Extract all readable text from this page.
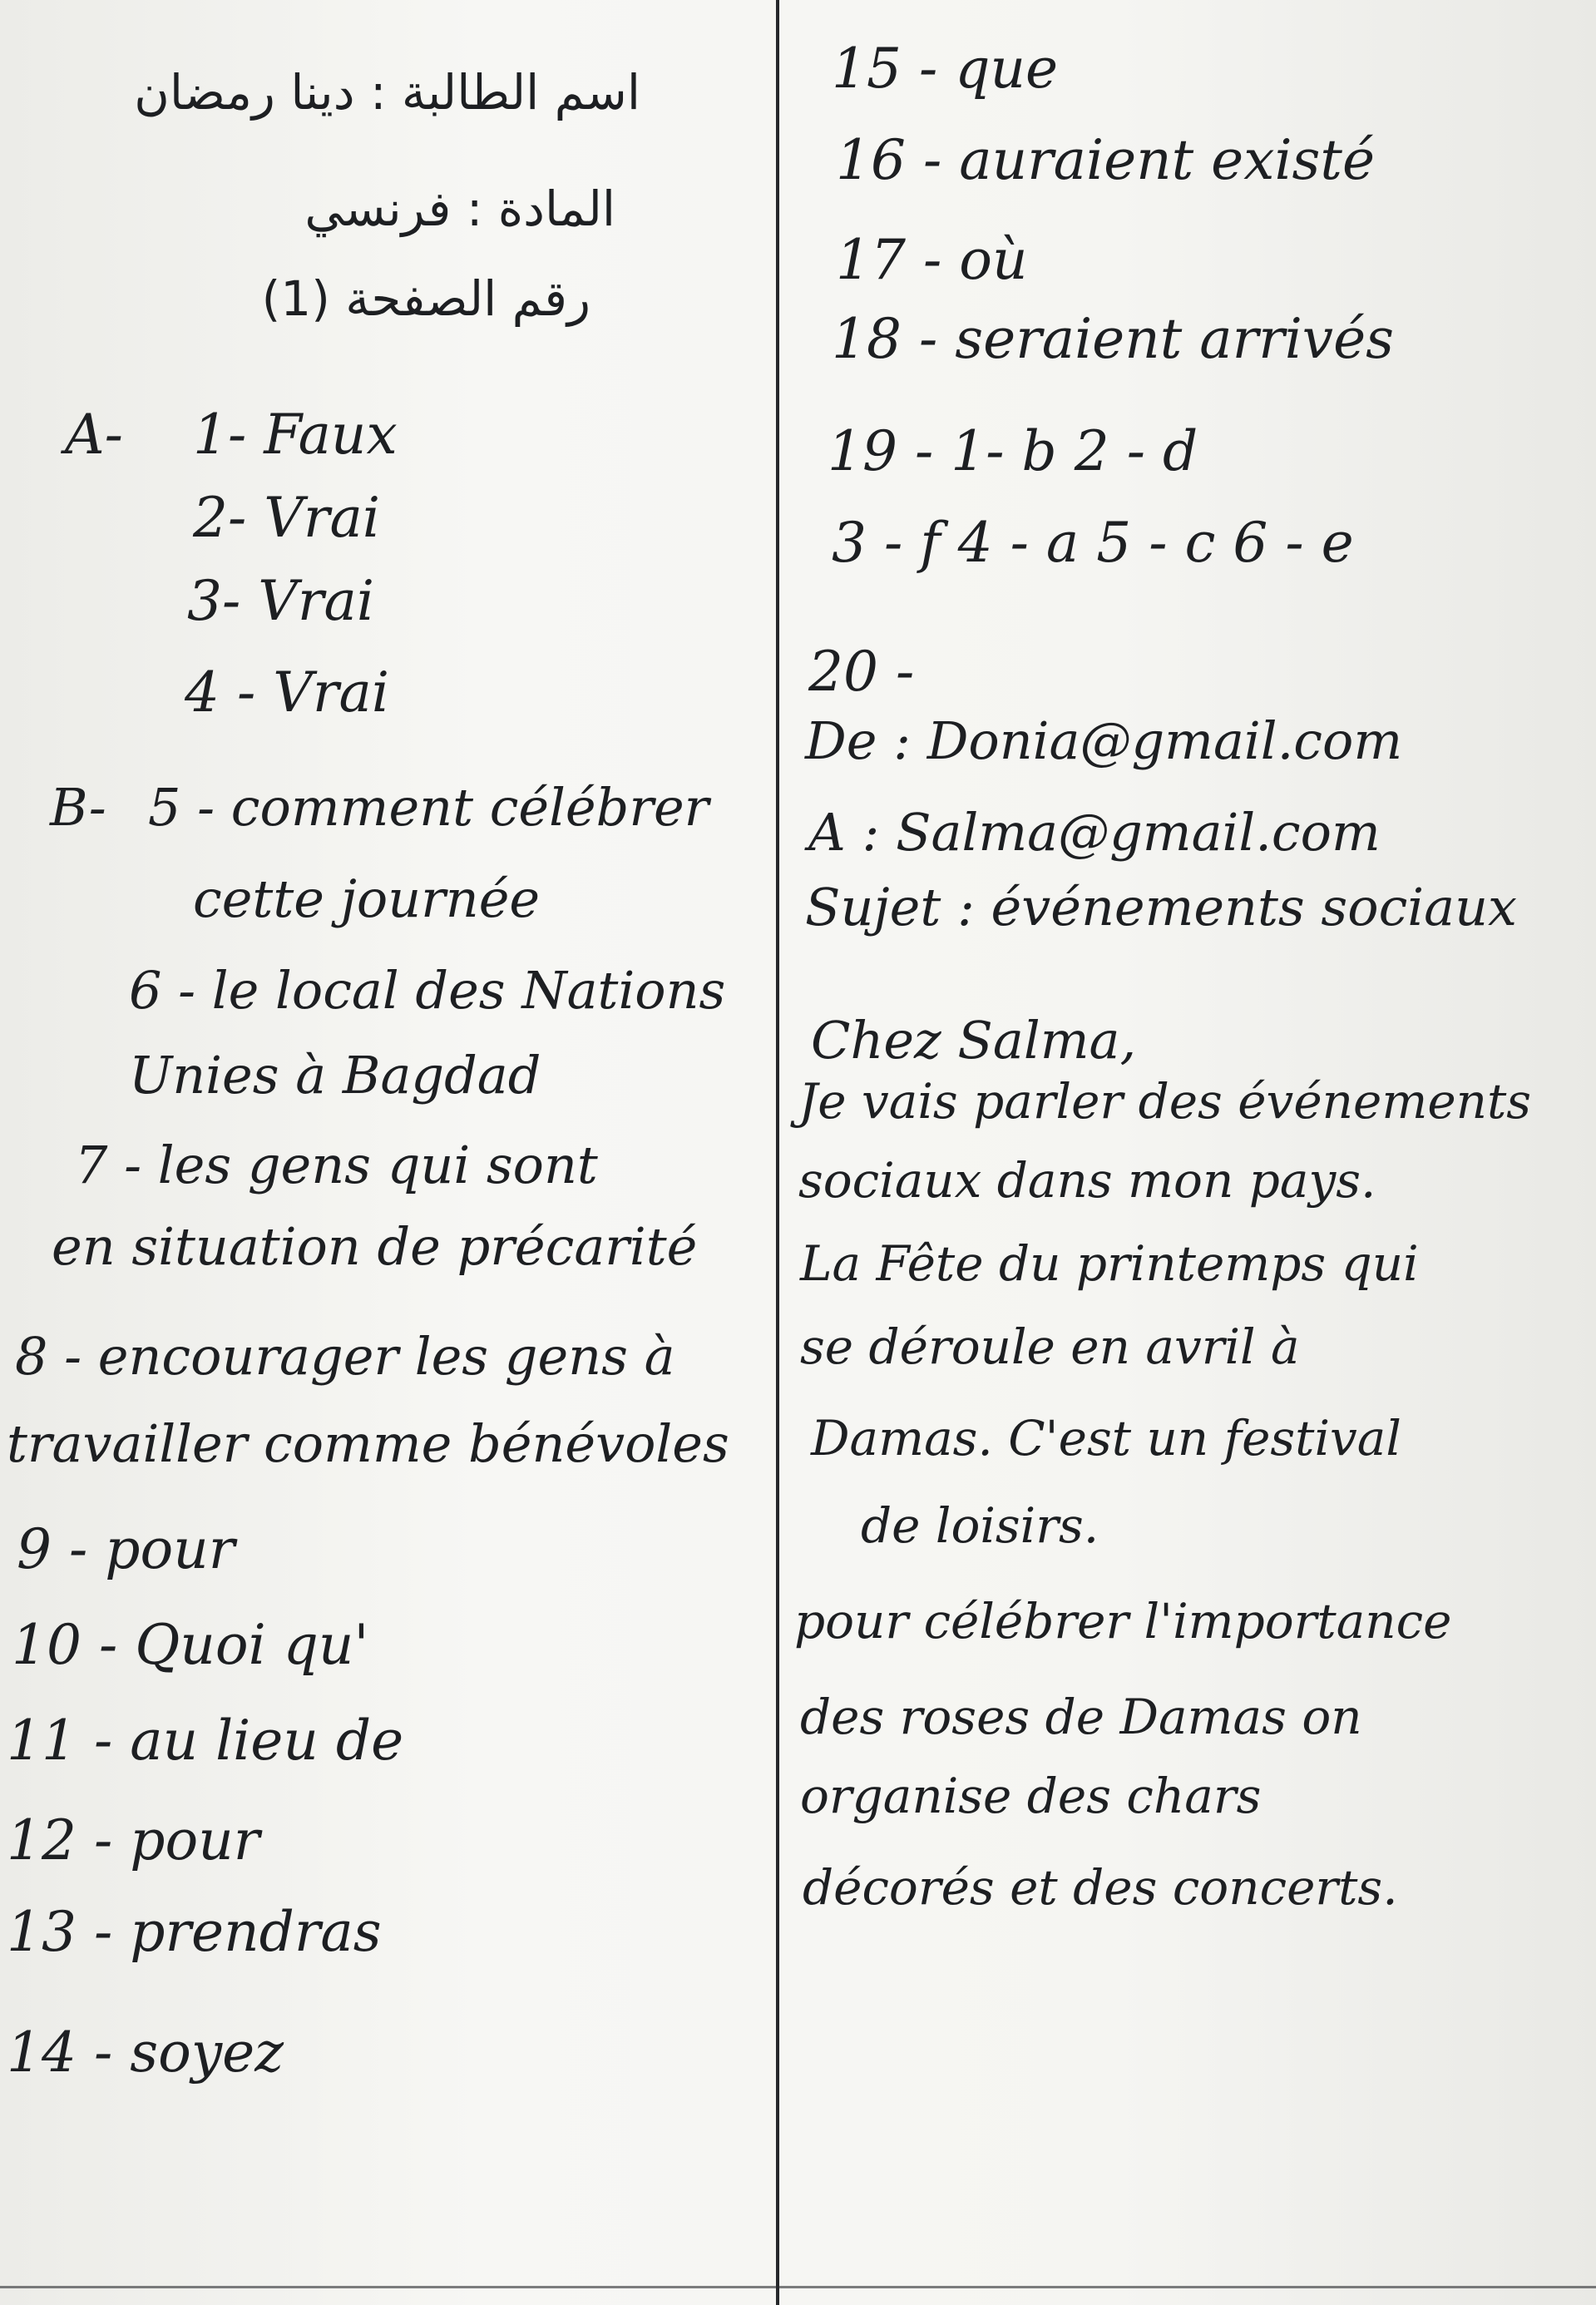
اسم الطالبة : دينا رمضان
المادة : فرنسي
رقم الصفحة (1)
A- 1- Faux
2- Vrai
3- Vrai
4 - Vrai
B- 5 - comment célébrer
cette journée
6 - le local des Nations
Unies à Bagdad
7 - les gens qui sont
en situation de précarité
8 - encourager les gens à
travailler comme bénévoles
9 - pour
10 - Quoi qu'
11 - au lieu de
12 - pour
13 - prendras
14 - soyez
15 - que
16 - auraient existé
17 - où
18 - seraient arrivés
19 - 1- b 2 - d
3 - f 4 - a 5 - c 6 - e
20 -
De : Donia@gmail.com
A : Salma@gmail.com
Sujet : événements sociaux
Chez Salma,
Je vais parler des événements
sociaux dans mon pays.
La Fête du printemps qui
se déroule en avril à
Damas. C'est un festival
de loisirs.
pour célébrer l'importance
des roses de Damas on
organise des chars
décorés et des concerts.
